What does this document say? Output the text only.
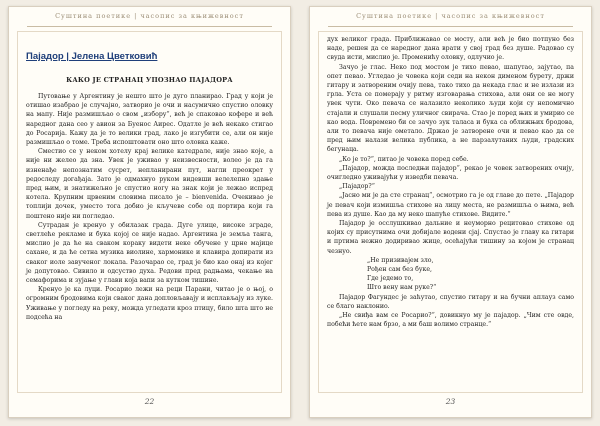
Суштина поетике | часопис за књижевност
Пајадор | Јелена Цветковић
КАКО ЈЕ СТРАНАЦ УПОЗНАО ПАЈАДОРА

Путовање у Аргентину је нешто што је дуго планирао. Град у који је отишао изабрао је случајно, затворио је очи и насумично спустио оловку на мапу. Није размишљао о свом „избору“, већ је спаковао кофере и већ наредног дана сео у авион за Буенос Аирес. Одатле је већ некако стигао до Росарија. Кажу да је то велики град, лако је изгубити се, али он није размишљао о томе. Треба испоштовати оно што оловка каже.

Сместио се у неком хотелу крај велике катедрале, није знао које, а није ни желео да зна. Увек је уживао у неизвесности, волео је да га изненађе непознатим сусрет, непланирани пут, нагли преокрет у редоследу догађаја. Зато је одмахнуо руком видевши велелепно здање пред њим, и знатижељно је спустио ногу на знак који је лежао испред котела. Крупним црвеним словима писало је – bienvenida. Очекивао је топлији дочек, уместо тога добио је кључеве собе од портира који га поштено није ни погледао.

Сутрадан је кренуо у обилазак града. Дуге улице, високе зграде, светлеће рекламе и бука којој се није надао. Аргентина је земља танга, мислио је да ће на сваком корaку видети неке обучене у црне мајице сахане, и да ће сетна музика виолине, хармонике и клавира допирати из сваког иоле завученог локала. Разочарао се, град је био као онај из којег је допутовао. Сивило и одсуство духа. Редови пред радњама, чекање на семафорима и зујање у глави која вапи за кутком тишине.

Кренуо је ка луци. Росарио лежи на реци Парани, читао је о њој, о огромним бродовима који сваког дана допловљавају и исплављају из луке. Уживање у погледу на реку, можда угледати кроз птицу, било шта што не подсећа на

22
Суштина поетике | часопис за књижевност

дух великог града. Приближавао се мосту, али већ је био потпуно без наде, решен да се наредног дана врати у свој град без душе. Радовао су свуда исти, мислио је. Променићу оловку, одлучио је.

Зачуо је глас. Неко под мостом је тихо певао, шапутао, зајутао, па опет певао. Угледао је човека који седи на некон дименом бурету, држи гитару и затвореним очију пева, тако тихо да некада глас и не излази из грла. Уста се померају у ритму изговарања стихова, али они се не могу увек чути. Око певача се налазило неколико људи који су непомично стајали и слушали песму уличног свирача. Стао је поред њих и умирио се као вода. Повремено би се зачуо зук таласа и бука са оближњих бродова, али то певача није ометало. Држао је затворене очи и певао као да се пред њим налази велика публика, а не парзалутаних људи, градских бегунаца.

„Ко је то?“, питао је човека поред себе.

„Пајадор, можда последњи пајадор“, рекао је човек затворених очију, очигледно уживајући у изведби певача.

„Пајадор?“

„Јасно ми је да сте странац“, осмотрио га је од главе до пете. „Пајадор је певач који измишља стихове на лицу места, не размишља о њима, већ пева из душе. Као да му неко шапуће стихове. Видите.“

Пајадор је осслушкивао дальние и неуморно рецитовао стихове од којих су присутнима очи добијале водени сјај. Спустао је главу ка гитари и пртима нежно додиривао жице, осећајући тишину за којом је странац чезнуо.

„Не призивајем зло,

Рођен сам без буке,

Где једемо то,

Што вену нам руке?“

Пајадор Фагундес је заћутао, спустио гитару и на бучни аплауз само се благо наклонио.

„Не свиђа вам се Росарио?“, довикнуо му је пајадор. „Чим сте овде, побећи ћете нам брзо, а ми баш волимо странце.“

23
